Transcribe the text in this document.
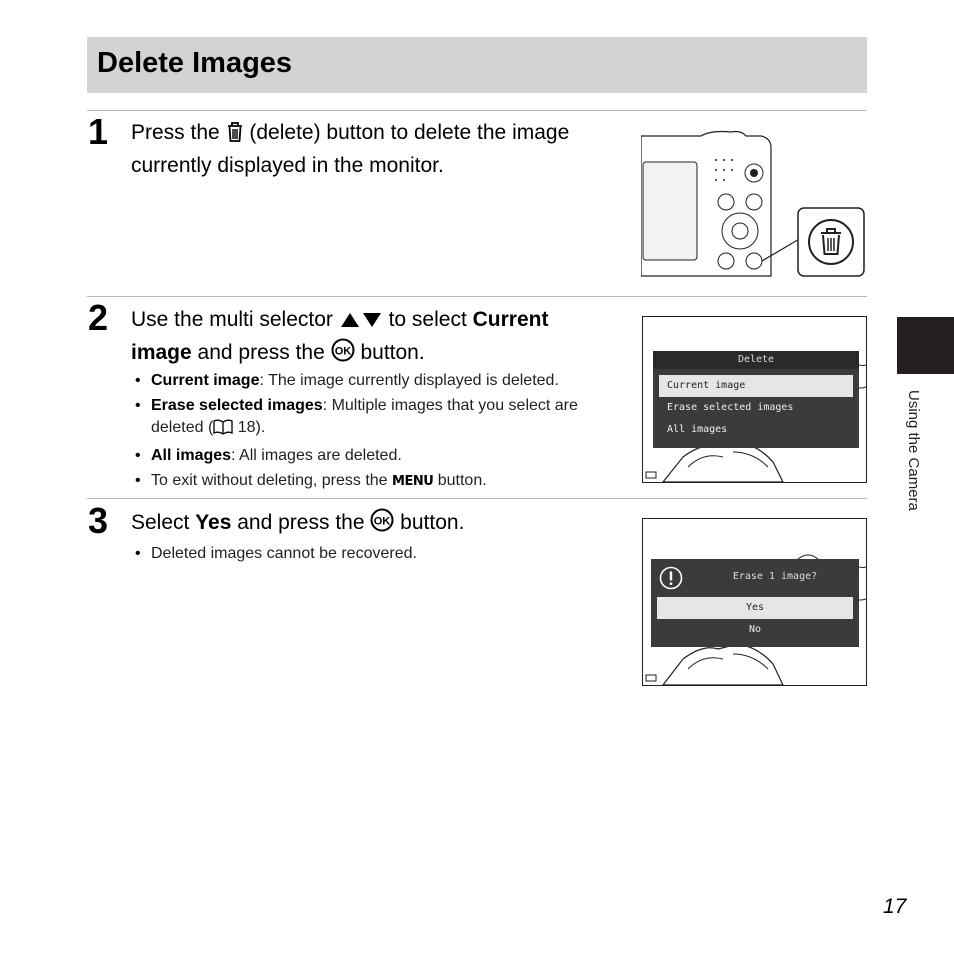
Delete Images
1 Press the  (delete) button to delete the image currently displayed in the monitor.
2 Use the multi selector  to select Current image and press the OK button.
• Current image: The image currently displayed is deleted.
• Erase selected images: Multiple images that you select are deleted ( 18).
• All images: All images are deleted.
• To exit without deleting, press the MENU button.
Delete
Current image
Erase selected images
All images
3 Select Yes and press the OK button.
• Deleted images cannot be recovered.
Erase 1 image?
Yes
No
Using the Camera
17
